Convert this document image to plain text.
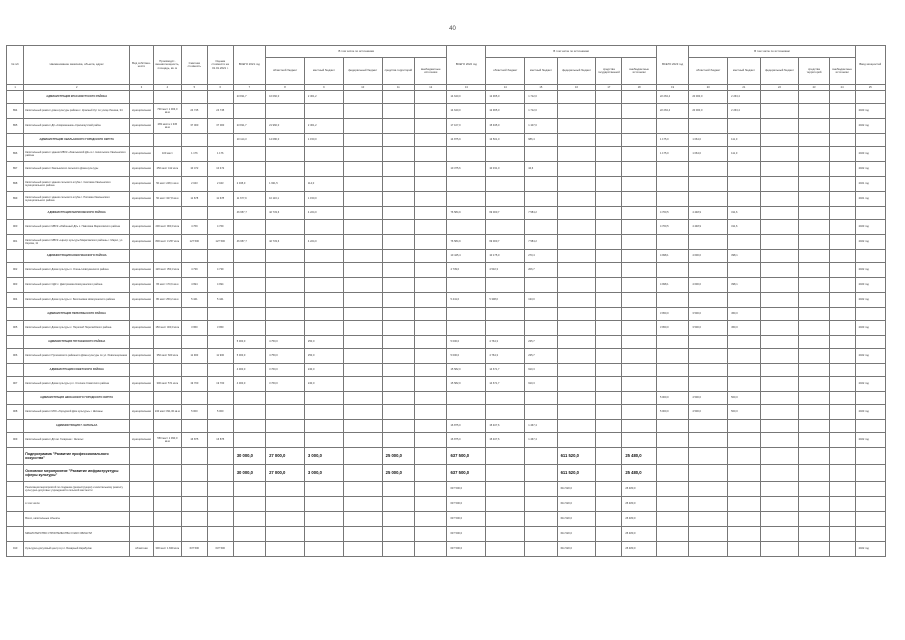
40
№ п/п	Наименование заказчика, объекта, адрес	Вид собствен-ности	Производст-венная мощность, площадь, кв. м	Сметная стоимость	Оценка стоимости на 01.01.2021 г.	ВСЕГО 2021 год	В том числе по источникам					ВСЕГО 2022 год	В том числе по источникам					ВСЕГО 2023 год	В том числе по источникам					Ввод мощностей
							областной бюджет	местный бюджет	федеральный бюджет	средства территорий	внебюджетные источники		областной бюджет	местный бюджет	федеральный бюджет	средства государственной	внебюджетные источники		областной бюджет	местный бюджет	федеральный бюджет	средства территорий	внебюджетные источники	
1	2	3	4	5	6	7	8	9	10	11	12	13	14	15	16	17	18	19	20	21	22	23	24	25
	АДМИНИСТРАЦИЯ КРАСНОКУТСКОГО РАЙОНА					23 811,7	16 060,0	2 301,2				14 640,0	12 965,0	1 712,0				22 263,4	20 000,0	2 263,4				
894	Капитальный ремонт дома культуры района с. Красный Кут по улице Ленина, 34	муниципальная	700 мест 1 003,0 кв.м	24 745	24 745							14 640,0	12 965,0	1 712,0				22 263,4	20 000,0	2 263,4				2023 год
895	Капитальный ремонт ДК «Современник» Краснокутский район	муниципальная	283 места 1 345 кв.м	37 000	37 000	23 811,7	21 960,0	2 301,2				17 107,0	15 945,0	1 107,0										2022 год
	АДМИНИСТРАЦИЯ ХВАЛЫНСКОГО ГОРОДСКОГО ОКРУГА					10 114,3	14 080,0	1 150,0				14 875,9	13 501,0	686,4				1 175,0	1 064,0	111,0				
896	Капитальный ремонт здания МБУК «Хвалынский ДК» в с. Никольское Хвалынского района	муниципальная	100 мест	1 176	1 176													1 175,0	1 064,0	111,0				2023 год
897	Капитальный ремонт Хвалынского сельского Дома культуры	муниципальная	250 мест 412 кв.м	10 472	10 472							10 375,6	10 331,0	44,6										2022 год
898	Капитальный ремонт здания сельского клуба с. Скатовка Хвалынского муниципального района	муниципальная	50 мест 248,1 кв.м	2 043	2 043	2 045,0	1 931,5	114,0																2021 год
899	Капитальный ремонт здания сельского клуба с. Поповка Хвалынского муниципального района	муниципальная	50 мест 327,8 кв.м	11 678	11 678	11 677,9	10 116,1	1 150,0																2021 год
	АДМИНИСТРАЦИЯ МАРКСОВСКОГО РАЙОНА					46 957,7	42 733,6	4 224,0				76 584,9	69 000,7	7 584,2				4 760,5	4 448,9	311,6				
900	Капитальный ремонт МБУК «Районный ДК» с. Павловка Марксовского района	муниципальная	200 мест 960,0 кв.м	4 769	4 769													4 760,5	4 448,9	311,6				2023 год
901	Капитальный ремонт МБУК «Центр культуры Марксовского района» г. Маркс, ул. Кирова, 11	муниципальная	800 мест 3 257 кв.м	127 500	127 500	46 957,7	42 733,6	4 224,0				76 584,9	69 000,7	7 584,2										2022 год
	АДМИНИСТРАЦИЯ НОВОУЗЕНСКОГО РАЙОНА											10 445,4	10 175,0	270,4				4 998,1	4 600,0	398,1				
902	Капитальный ремонт Дома культуры п. Олень Новоузенского района	муниципальная	120 мест 353,3 кв.м	4 739	4 739							4 739,0	4 532,3	206,7										2022 год
903	Капитальный ремонт СДК с. Дмитриевка Новоузенского района	муниципальная	65 мест 170,6 кв.м	4 994	4 994													4 998,1	4 600,0	398,1				2023 год
904	Капитальный ремонт Дома культуры с. Бессоновка Новоузенского района	муниципальная	80 мест 250,2 кв.м	5 441	5 441							5 441,0	5 308,0	133,0										2022 год
	АДМИНИСТРАЦИЯ ПЕРЕЛЮБСКОГО РАЙОНА																	3 950,0	3 500,0	450,0				
905	Капитальный ремонт Дома культуры с. Перелюб Перелюбского района	муниципальная	150 мест 460,0 кв.м	3 950	3 950													3 950,0	3 500,0	450,0				2023 год
	АДМИНИСТРАЦИЯ ПУГАЧЕВСКОГО РАЙОНА					5 000,0	4 750,0	250,0				5 000,0	4 764,3	235,7										
906	Капитальный ремонт Пугачевского районного Дома культуры по ул. Революционная	муниципальная	350 мест 600 кв.м	11 900	11 900	5 000,0	4 750,0	250,0				5 000,0	4 764,3	235,7										2022 год
	АДМИНИСТРАЦИЯ СОВЕТСКОГО РАЙОНА					4 000,0	3 760,0	240,0				15 582,0	14 671,7	910,3										
907	Капитальный ремонт Дома культуры р.п. Степное Советского района	муниципальная	300 мест 571 кв.м	19 700	19 700	4 000,0	3 760,0	240,0				15 582,0	14 671,7	910,3										2022 год
	АДМИНИСТРАЦИЯ ШИХАНСКОГО ГОРОДСКОГО ОКРУГА																	5 000,0	4 500,0	500,0				
908	Капитальный ремонт МУК «Городской Дом культуры» г. Шиханы	муниципальная	240 мест 811,00 кв.м	5 000	5 000													5 000,0	4 500,0	500,0				2023 год
	АДМИНИСТРАЦИЯ Г. ЭНГЕЛЬСА											16 875,0	15 407,6	1 467,4										
909	Капитальный ремонт ДК им. Гагарина г. Энгельс	муниципальная	550 мест 1 090,0 кв.м	16 875	16 875							16 875,0	15 407,6	1 467,4										2022 год
	Подпрограмма "Развитие профессионального искусства"					30 000,0	27 000,0	3 000,0		25 000,0		637 500,0			611 520,0		25 480,0							
	Основное мероприятие "Развитие инфраструктуры сферы культуры"					30 000,0	27 000,0	3 000,0		25 000,0		637 500,0			611 520,0		25 480,0							
	Реализация мероприятий по созданию (реконструкции) и капитальному ремонту культурно-досуговых учреждений в сельской местности											637 500,0			611 520,0		25 480,0							
	в том числе:											637 500,0			611 520,0		25 480,0							
	Всего, капитальные объекты											637 500,0			611 520,0		25 480,0							
	МИНИСТЕРСТВО СТРОИТЕЛЬСТВА И ЖКХ ОБЛАСТИ											637 500,0			611 520,0		25 480,0							
910	Культурно-досуговый центр в р.п. Базарный Карабулак	областная	300 мест 1 849 кв.м	637 500	637 500							637 500,0			611 520,0		25 480,0							2022 год
